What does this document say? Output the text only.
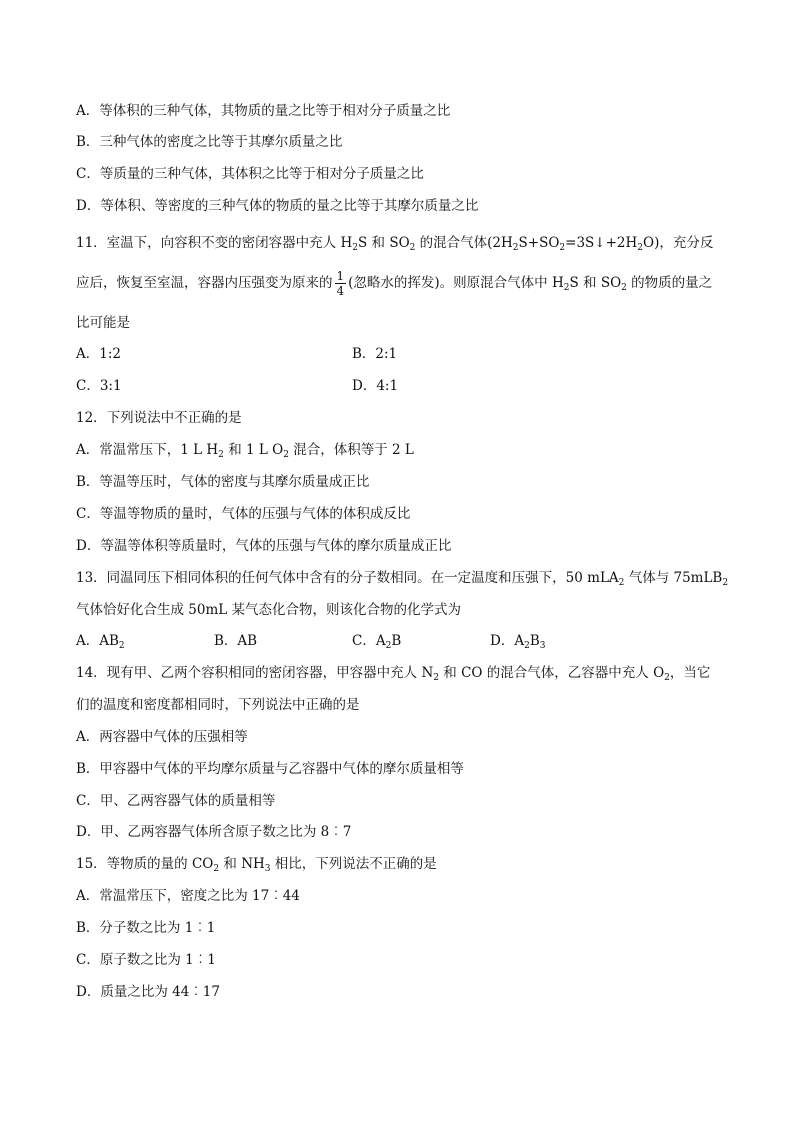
A．等体积的三种气体，其物质的量之比等于相对分子质量之比
B．三种气体的密度之比等于其摩尔质量之比
C．等质量的三种气体，其体积之比等于相对分子质量之比
D．等体积、等密度的三种气体的物质的量之比等于其摩尔质量之比
11．室温下，向容积不变的密闭容器中充人 $H_2S$ 和 $SO_2$ 的混合气体$(2H_2S+SO_2=3S↓+2H_2O)$，充分反
应后，恢复至室温，容器内压强变为原来的 $\frac{1}{4}$ (忽略水的挥发)。则原混合气体中 $H_2S$ 和 $SO_2$ 的物质的量之
比可能是
A．1:2	B．2:1
C．3:1	D．4:1
12．下列说法中不正确的是
A．常温常压下，1 L $H_2$ 和 1 L $O_2$ 混合，体积等于 2 L
B．等温等压时，气体的密度与其摩尔质量成正比
C．等温等物质的量时，气体的压强与气体的体积成反比
D．等温等体积等质量时，气体的压强与气体的摩尔质量成正比
13．同温同压下相同体积的任何气体中含有的分子数相同。在一定温度和压强下，50 mLA$_2$ 气体与 75mLB$_2$
气体恰好化合生成 50mL 某气态化合物，则该化合物的化学式为
A．$AB_2$	B．AB	C．$A_2B$	D．$A_2B_3$
14．现有甲、乙两个容积相同的密闭容器，甲容器中充人 $N_2$ 和 CO 的混合气体，乙容器中充人 $O_2$，当它
们的温度和密度都相同时，下列说法中正确的是
A．两容器中气体的压强相等
B．甲容器中气体的平均摩尔质量与乙容器中气体的摩尔质量相等
C．甲、乙两容器气体的质量相等
D．甲、乙两容器气体所含原子数之比为 8︰7
15．等物质的量的 $CO_2$ 和 $NH_3$ 相比，下列说法不正确的是
A．常温常压下，密度之比为 17︰44
B．分子数之比为 1︰1
C．原子数之比为 1︰1
D．质量之比为 44︰17
